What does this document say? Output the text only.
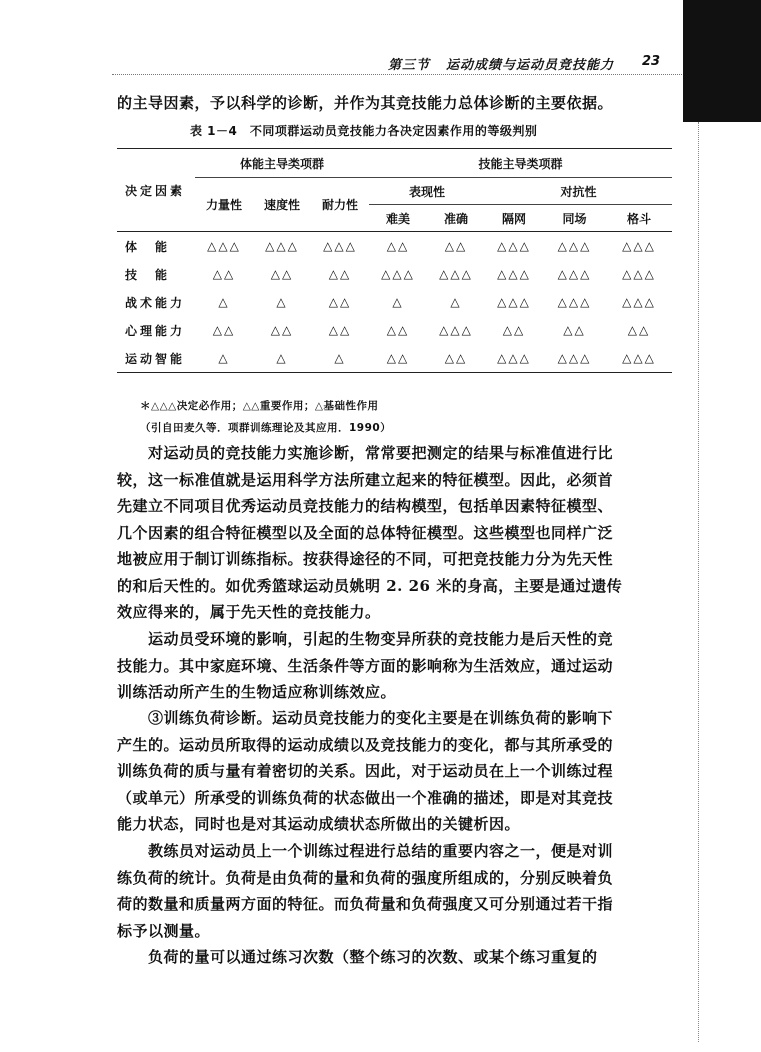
第三节 运动成绩与运动员竞技能力 23
的主导因素，予以科学的诊断，并作为其竞技能力总体诊断的主要依据。
表 1－4　不同项群运动员竞技能力各决定因素作用的等级判别
决定因素	体能主导类项群			技能主导类项群				
	力量性	速度性	耐力性	表现性		对抗性		
				难美	准确	隔网	同场	格斗
体　能	△△△	△△△	△△△	△△	△△	△△△	△△△	△△△
技　能	△△	△△	△△	△△△	△△△	△△△	△△△	△△△
战术能力	△	△	△△	△	△	△△△	△△△	△△△
心理能力	△△	△△	△△	△△	△△△	△△	△△	△△
运动智能	△	△	△	△△	△△	△△△	△△△	△△△
＊△△△决定必作用；△△重要作用；△基础性作用
（引自田麦久等．项群训练理论及其应用．1990）
　　对运动员的竞技能力实施诊断，常常要把测定的结果与标准值进行比
较，这一标准值就是运用科学方法所建立起来的特征模型。因此，必须首
先建立不同项目优秀运动员竞技能力的结构模型，包括单因素特征模型、
几个因素的组合特征模型以及全面的总体特征模型。这些模型也同样广泛
地被应用于制订训练指标。按获得途径的不同，可把竞技能力分为先天性
的和后天性的。如优秀篮球运动员姚明 2. 26 米的身高，主要是通过遗传
效应得来的，属于先天性的竞技能力。
　　运动员受环境的影响，引起的生物变异所获的竞技能力是后天性的竞
技能力。其中家庭环境、生活条件等方面的影响称为生活效应，通过运动
训练活动所产生的生物适应称训练效应。
　　③训练负荷诊断。运动员竞技能力的变化主要是在训练负荷的影响下
产生的。运动员所取得的运动成绩以及竞技能力的变化，都与其所承受的
训练负荷的质与量有着密切的关系。因此，对于运动员在上一个训练过程
（或单元）所承受的训练负荷的状态做出一个准确的描述，即是对其竞技
能力状态，同时也是对其运动成绩状态所做出的关键析因。
　　教练员对运动员上一个训练过程进行总结的重要内容之一，便是对训
练负荷的统计。负荷是由负荷的量和负荷的强度所组成的，分别反映着负
荷的数量和质量两方面的特征。而负荷量和负荷强度又可分别通过若干指
标予以测量。
　　负荷的量可以通过练习次数（整个练习的次数、或某个练习重复的
